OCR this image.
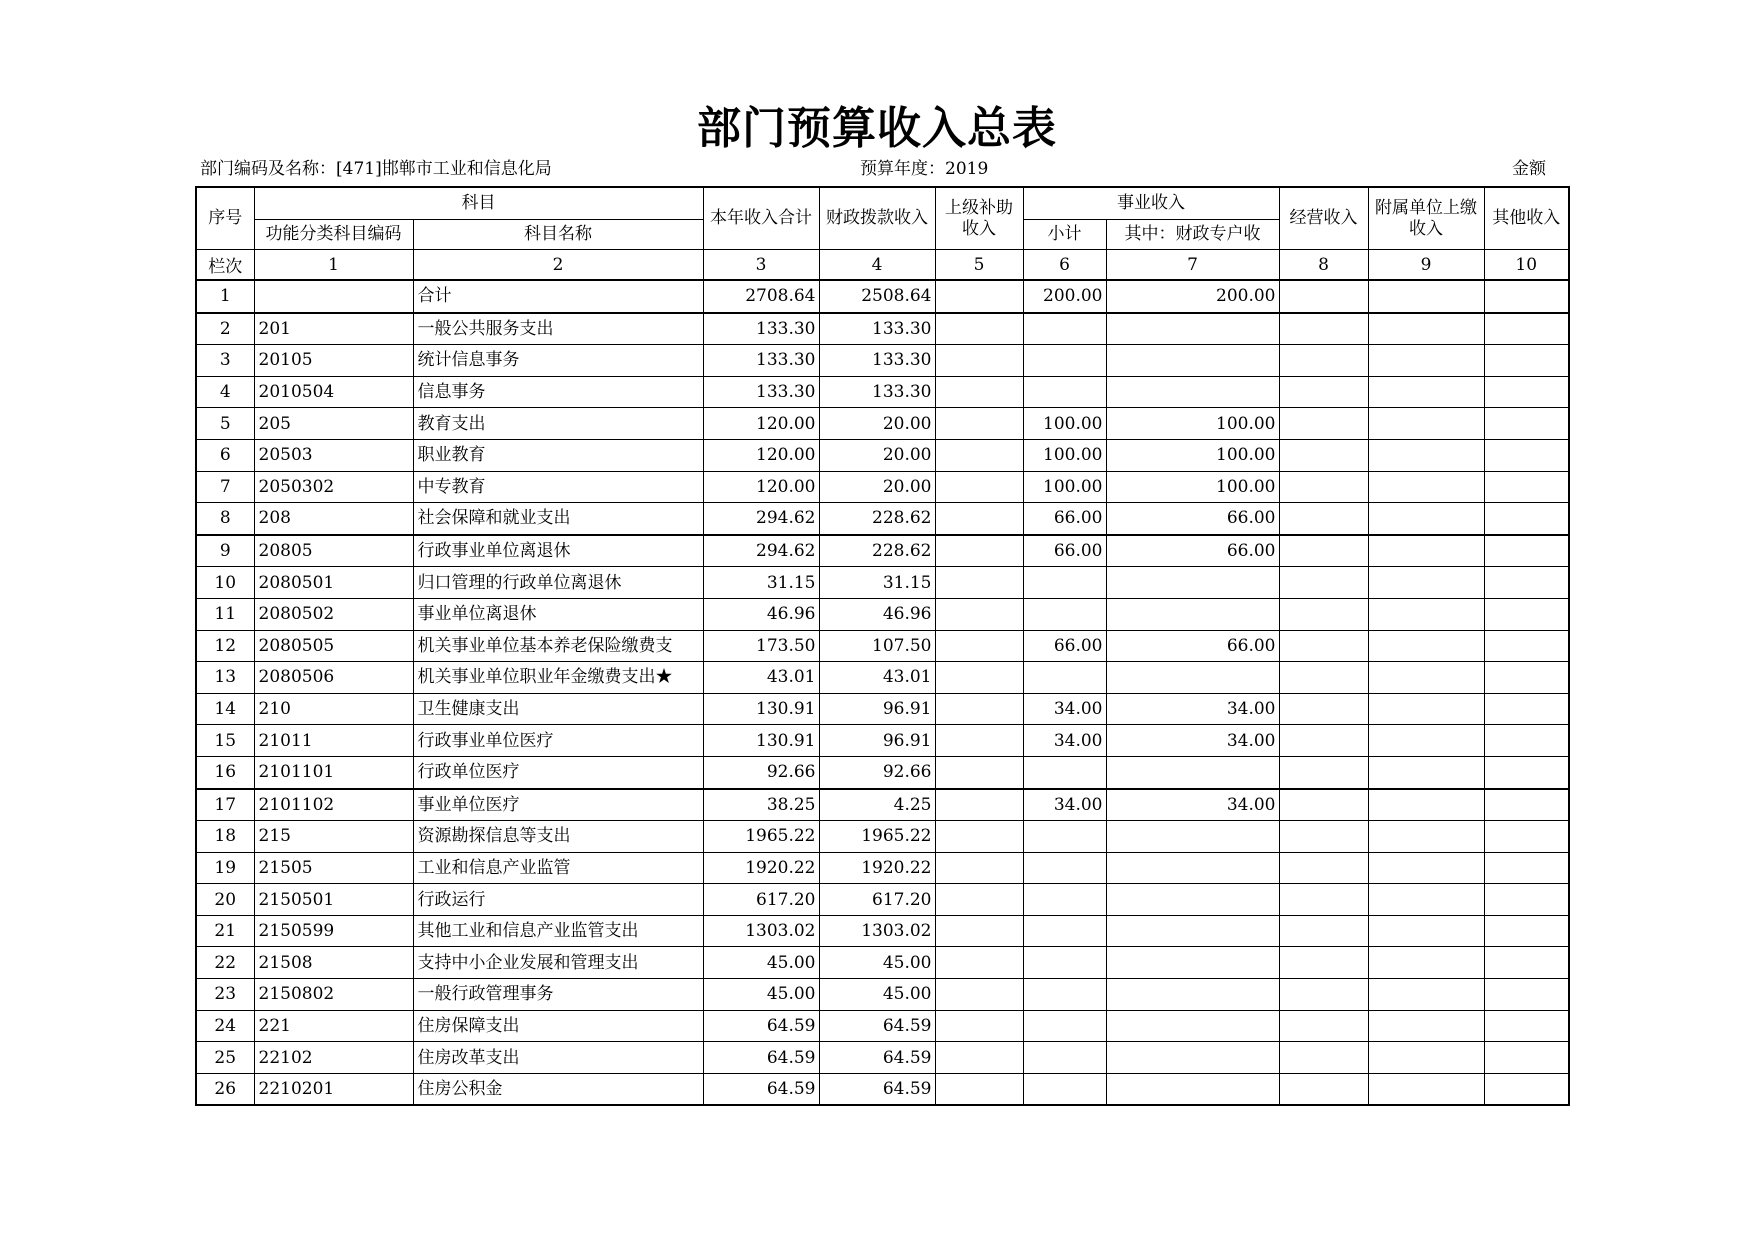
部门预算收入总表
部门编码及名称：[471]邯郸市工业和信息化局	预算年度：2019	金额
序号	科目		本年收入合计	财政拨款收入	上级补助收入	事业收入		经营收入	附属单位上缴收入	其他收入
	功能分类科目编码	科目名称				小计	其中：财政专户收			
栏次	1	2	3	4	5	6	7	8	9	10
1		合计	2708.64	2508.64		200.00	200.00			
2	201	一般公共服务支出	133.30	133.30						
3	20105	统计信息事务	133.30	133.30						
4	2010504	信息事务	133.30	133.30						
5	205	教育支出	120.00	20.00		100.00	100.00			
6	20503	职业教育	120.00	20.00		100.00	100.00			
7	2050302	中专教育	120.00	20.00		100.00	100.00			
8	208	社会保障和就业支出	294.62	228.62		66.00	66.00			
9	20805	行政事业单位离退休	294.62	228.62		66.00	66.00			
10	2080501	归口管理的行政单位离退休	31.15	31.15						
11	2080502	事业单位离退休	46.96	46.96						
12	2080505	机关事业单位基本养老保险缴费支	173.50	107.50		66.00	66.00			
13	2080506	机关事业单位职业年金缴费支出★	43.01	43.01						
14	210	卫生健康支出	130.91	96.91		34.00	34.00			
15	21011	行政事业单位医疗	130.91	96.91		34.00	34.00			
16	2101101	行政单位医疗	92.66	92.66						
17	2101102	事业单位医疗	38.25	4.25		34.00	34.00			
18	215	资源勘探信息等支出	1965.22	1965.22						
19	21505	工业和信息产业监管	1920.22	1920.22						
20	2150501	行政运行	617.20	617.20						
21	2150599	其他工业和信息产业监管支出	1303.02	1303.02						
22	21508	支持中小企业发展和管理支出	45.00	45.00						
23	2150802	一般行政管理事务	45.00	45.00						
24	221	住房保障支出	64.59	64.59						
25	22102	住房改革支出	64.59	64.59						
26	2210201	住房公积金	64.59	64.59						
